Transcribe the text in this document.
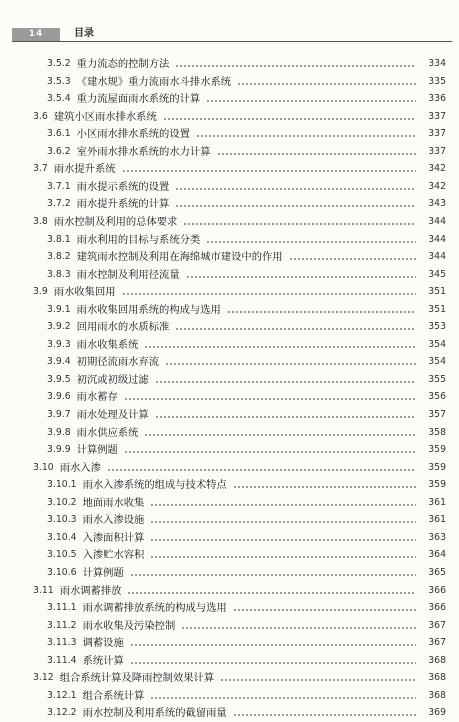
14	目录
3.5.2 重力流态的控制方法	334
3.5.3 《建水规》重力流雨水斗排水系统	335
3.5.4 重力流屋面雨水系统的计算	336
3.6 建筑小区雨水排水系统	337
3.6.1 小区雨水排水系统的设置	337
3.6.2 室外雨水排水系统的水力计算	337
3.7 雨水提升系统	342
3.7.1 雨水提示系统的设置	342
3.7.2 雨水提升系统的计算	343
3.8 雨水控制及利用的总体要求	344
3.8.1 雨水利用的目标与系统分类	344
3.8.2 建筑雨水控制及利用在海绵城市建设中的作用	344
3.8.3 雨水控制及利用径流量	345
3.9 雨水收集回用	351
3.9.1 雨水收集回用系统的构成与选用	351
3.9.2 回用雨水的水质标准	353
3.9.3 雨水收集系统	354
3.9.4 初期径流雨水弃流	354
3.9.5 初沉或初级过滤	355
3.9.6 雨水蓄存	356
3.9.7 雨水处理及计算	357
3.9.8 雨水供应系统	358
3.9.9 计算例题	359
3.10 雨水入渗	359
3.10.1 雨水入渗系统的组成与技术特点	359
3.10.2 地面雨水收集	361
3.10.3 雨水入渗设施	361
3.10.4 入渗面积计算	363
3.10.5 入渗贮水容积	364
3.10.6 计算例题	365
3.11 雨水调蓄排放	366
3.11.1 雨水调蓄排放系统的构成与选用	366
3.11.2 雨水收集及污染控制	367
3.11.3 调蓄设施	367
3.11.4 系统计算	368
3.12 组合系统计算及降雨控制效果计算	368
3.12.1 组合系统计算	368
3.12.2 雨水控制及利用系统的截留雨量	369
